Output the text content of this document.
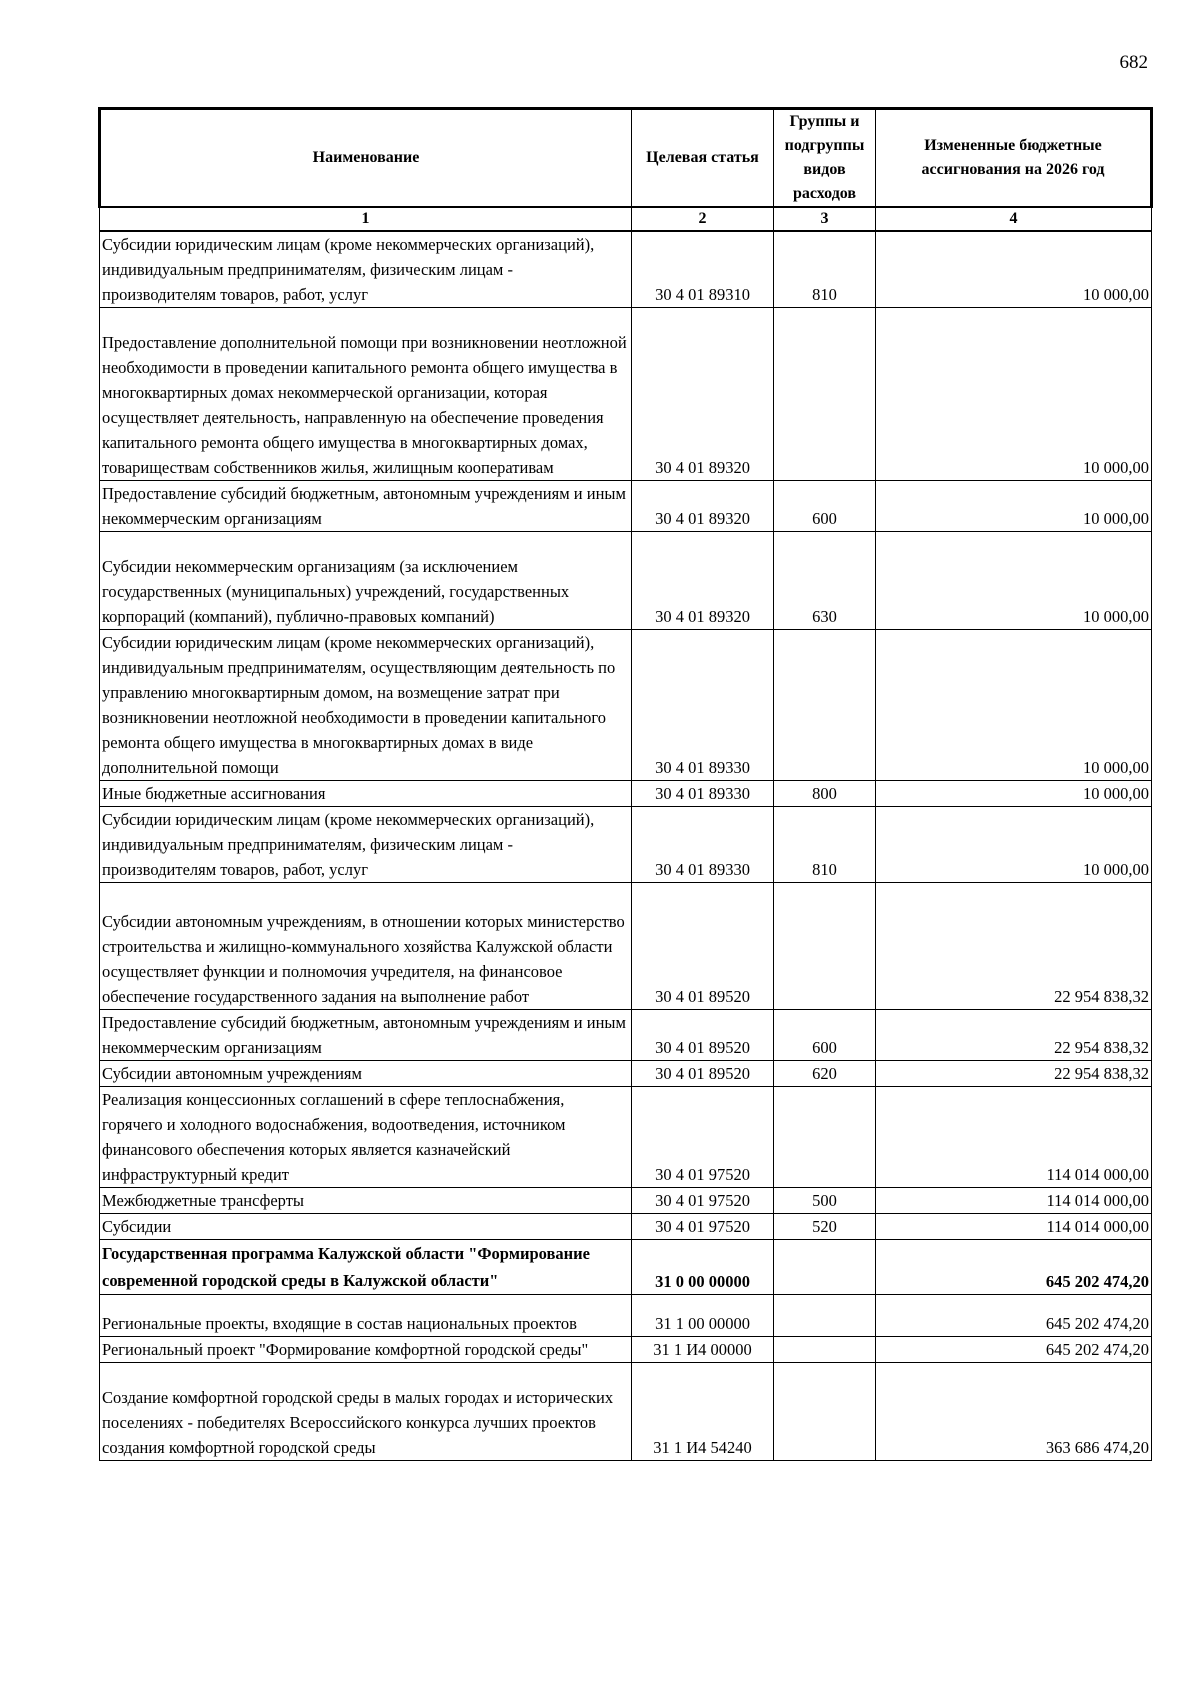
682
Наименование	Целевая статья	Группы и подгруппы видов расходов	Измененные бюджетные ассигнования на 2026 год
1	2	3	4
Субсидии юридическим лицам (кроме некоммерческих организаций), индивидуальным предпринимателям, физическим лицам - производителям товаров, работ, услуг	30 4 01 89310	810	10 000,00
Предоставление дополнительной помощи при возникновении неотложной необходимости в проведении капитального ремонта общего имущества в многоквартирных домах некоммерческой организации, которая осуществляет деятельность, направленную на обеспечение проведения капитального ремонта общего имущества в многоквартирных домах, товариществам собственников жилья, жилищным кооперативам	30 4 01 89320		10 000,00
Предоставление субсидий бюджетным, автономным учреждениям и иным некоммерческим организациям	30 4 01 89320	600	10 000,00
Субсидии некоммерческим организациям (за исключением государственных (муниципальных) учреждений, государственных корпораций (компаний), публично-правовых компаний)	30 4 01 89320	630	10 000,00
Субсидии юридическим лицам (кроме некоммерческих организаций), индивидуальным предпринимателям, осуществляющим деятельность по управлению многоквартирным домом, на возмещение затрат при возникновении неотложной необходимости в проведении капитального ремонта общего имущества в многоквартирных домах в виде дополнительной помощи	30 4 01 89330		10 000,00
Иные бюджетные ассигнования	30 4 01 89330	800	10 000,00
Субсидии юридическим лицам (кроме некоммерческих организаций), индивидуальным предпринимателям, физическим лицам - производителям товаров, работ, услуг	30 4 01 89330	810	10 000,00
Субсидии автономным учреждениям, в отношении которых министерство строительства и жилищно-коммунального хозяйства Калужской области осуществляет функции и полномочия учредителя, на финансовое обеспечение государственного задания на выполнение работ	30 4 01 89520		22 954 838,32
Предоставление субсидий бюджетным, автономным учреждениям и иным некоммерческим организациям	30 4 01 89520	600	22 954 838,32
Субсидии автономным учреждениям	30 4 01 89520	620	22 954 838,32
Реализация концессионных соглашений в сфере теплоснабжения, горячего и холодного водоснабжения, водоотведения, источником финансового обеспечения которых является казначейский инфраструктурный кредит	30 4 01 97520		114 014 000,00
Межбюджетные трансферты	30 4 01 97520	500	114 014 000,00
Субсидии	30 4 01 97520	520	114 014 000,00
Государственная программа Калужской области "Формирование современной городской среды в Калужской области"	31 0 00 00000		645 202 474,20
Региональные проекты, входящие в состав национальных проектов	31 1 00 00000		645 202 474,20
Региональный проект "Формирование комфортной городской среды"	31 1 И4 00000		645 202 474,20
Создание комфортной городской среды в малых городах и исторических поселениях - победителях Всероссийского конкурса лучших проектов создания комфортной городской среды	31 1 И4 54240		363 686 474,20
